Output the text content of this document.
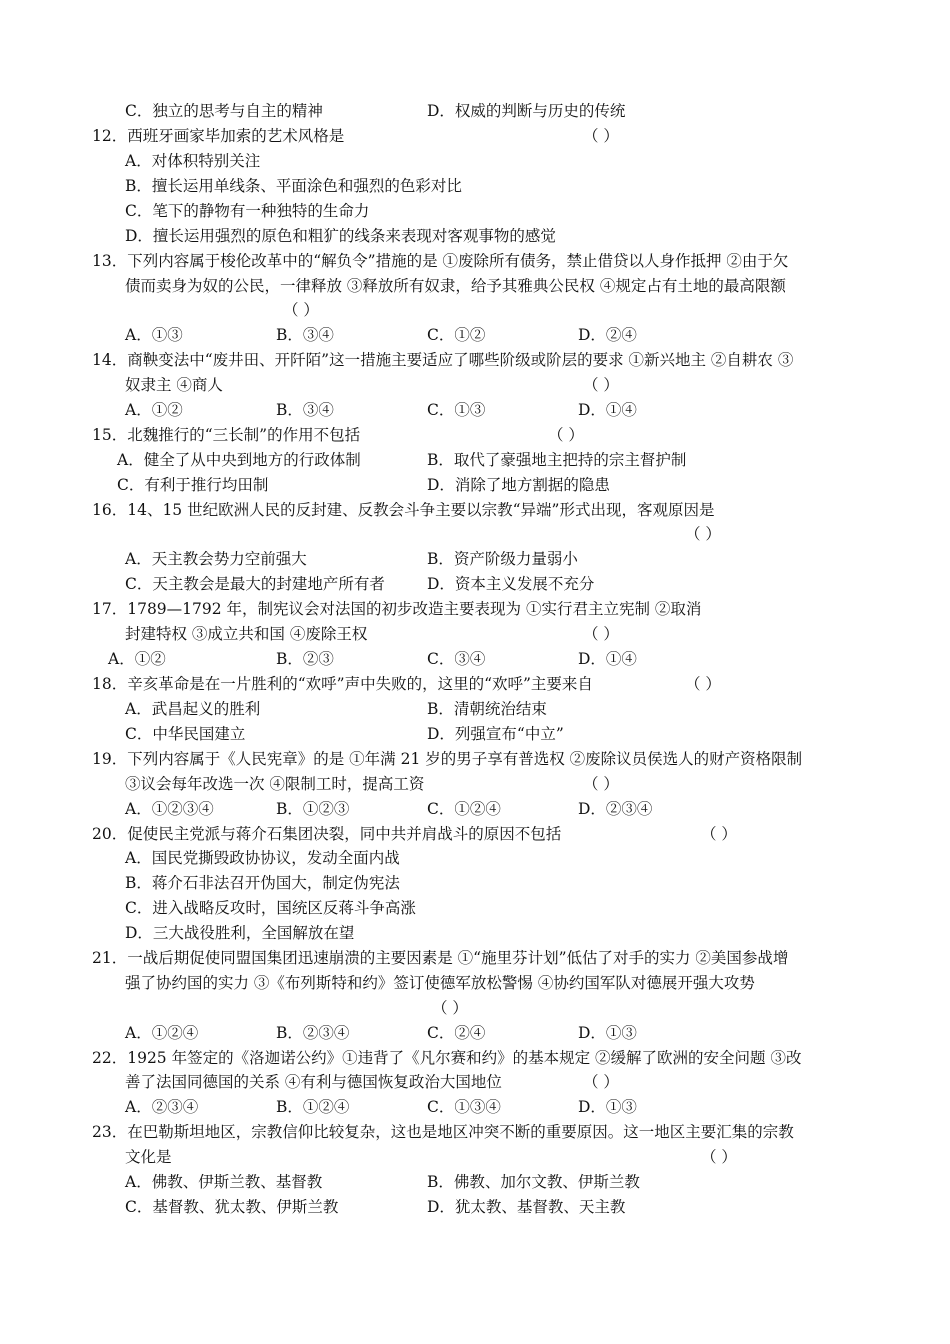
C．独立的思考与自主的精神	D．权威的判断与历史的传统
12．西班牙画家毕加索的艺术风格是	（ ）
A．对体积特别关注
B．擅长运用单线条、平面涂色和强烈的色彩对比
C．笔下的静物有一种独特的生命力
D．擅长运用强烈的原色和粗犷的线条来表现对客观事物的感觉
13．下列内容属于梭伦改革中的“解负令”措施的是 ①废除所有债务，禁止借贷以人身作抵押 ②由于欠
债而卖身为奴的公民，一律释放 ③释放所有奴隶，给予其雅典公民权 ④规定占有土地的最高限额
（ ）
A．①③	B．③④	C．①②	D．②④
14．商鞅变法中“废井田、开阡陌”这一措施主要适应了哪些阶级或阶层的要求 ①新兴地主 ②自耕农 ③
奴隶主 ④商人	（ ）
A．①②	B．③④	C．①③	D．①④
15．北魏推行的“三长制”的作用不包括	（ ）
A．健全了从中央到地方的行政体制	B．取代了豪强地主把持的宗主督护制
C．有利于推行均田制	D．消除了地方割据的隐患
16．14、15 世纪欧洲人民的反封建、反教会斗争主要以宗教“异端”形式出现，客观原因是
（ ）
A．天主教会势力空前强大	B．资产阶级力量弱小
C．天主教会是最大的封建地产所有者	D．资本主义发展不充分
17．1789—1792 年，制宪议会对法国的初步改造主要表现为 ①实行君主立宪制 ②取消
封建特权 ③成立共和国 ④废除王权	（ ）
A．①②	B．②③	C．③④	D．①④
18．辛亥革命是在一片胜利的“欢呼”声中失败的，这里的“欢呼”主要来自	（ ）
A．武昌起义的胜利	B．清朝统治结束
C．中华民国建立	D．列强宣布“中立”
19．下列内容属于《人民宪章》的是 ①年满 21 岁的男子享有普选权 ②废除议员侯选人的财产资格限制
③议会每年改选一次 ④限制工时，提高工资	（ ）
A．①②③④	B．①②③	C．①②④	D．②③④
20．促使民主党派与蒋介石集团决裂，同中共并肩战斗的原因不包括	（ ）
A．国民党撕毁政协协议，发动全面内战
B．蒋介石非法召开伪国大，制定伪宪法
C．进入战略反攻时，国统区反蒋斗争高涨
D．三大战役胜利，全国解放在望
21．一战后期促使同盟国集团迅速崩溃的主要因素是 ①“施里芬计划”低估了对手的实力 ②美国参战增
强了协约国的实力 ③《布列斯特和约》签订使德军放松警惕 ④协约国军队对德展开强大攻势
（ ）
A．①②④	B．②③④	C．②④	D．①③
22．1925 年签定的《洛迦诺公约》①违背了《凡尔赛和约》的基本规定 ②缓解了欧洲的安全问题 ③改
善了法国同德国的关系 ④有利与德国恢复政治大国地位	（ ）
A．②③④	B．①②④	C．①③④	D．①③
23．在巴勒斯坦地区，宗教信仰比较复杂，这也是地区冲突不断的重要原因。这一地区主要汇集的宗教
文化是	（ ）
A．佛教、伊斯兰教、基督教	B．佛教、加尔文教、伊斯兰教
C．基督教、犹太教、伊斯兰教	D．犹太教、基督教、天主教
